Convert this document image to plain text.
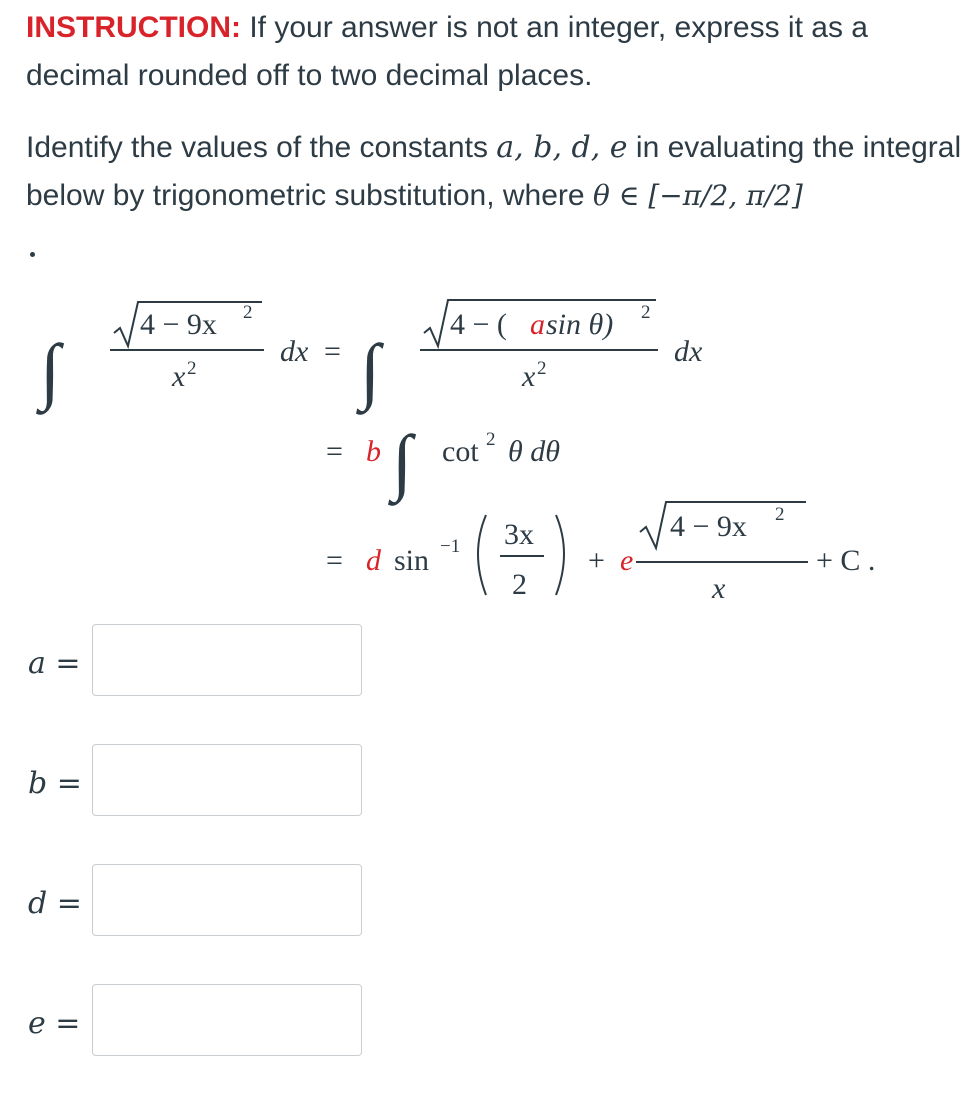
INSTRUCTION: If your answer is not an integer, express it as a decimal rounded off to two decimal places.

Identify the values of the constants a, b, d, e in evaluating the integral below by trigonometric substitution, where θ ∈ [−π/2, π/2]

∫
4 − 9x 2
x 2
dx = ∫
4 − ( a sin θ) 2
x 2
dx
= b ∫ cot 2 θ dθ
= d sin −1 3x
2
+ e
4 − 9x 2
x
+ C .
a =
b =
d =
e =
